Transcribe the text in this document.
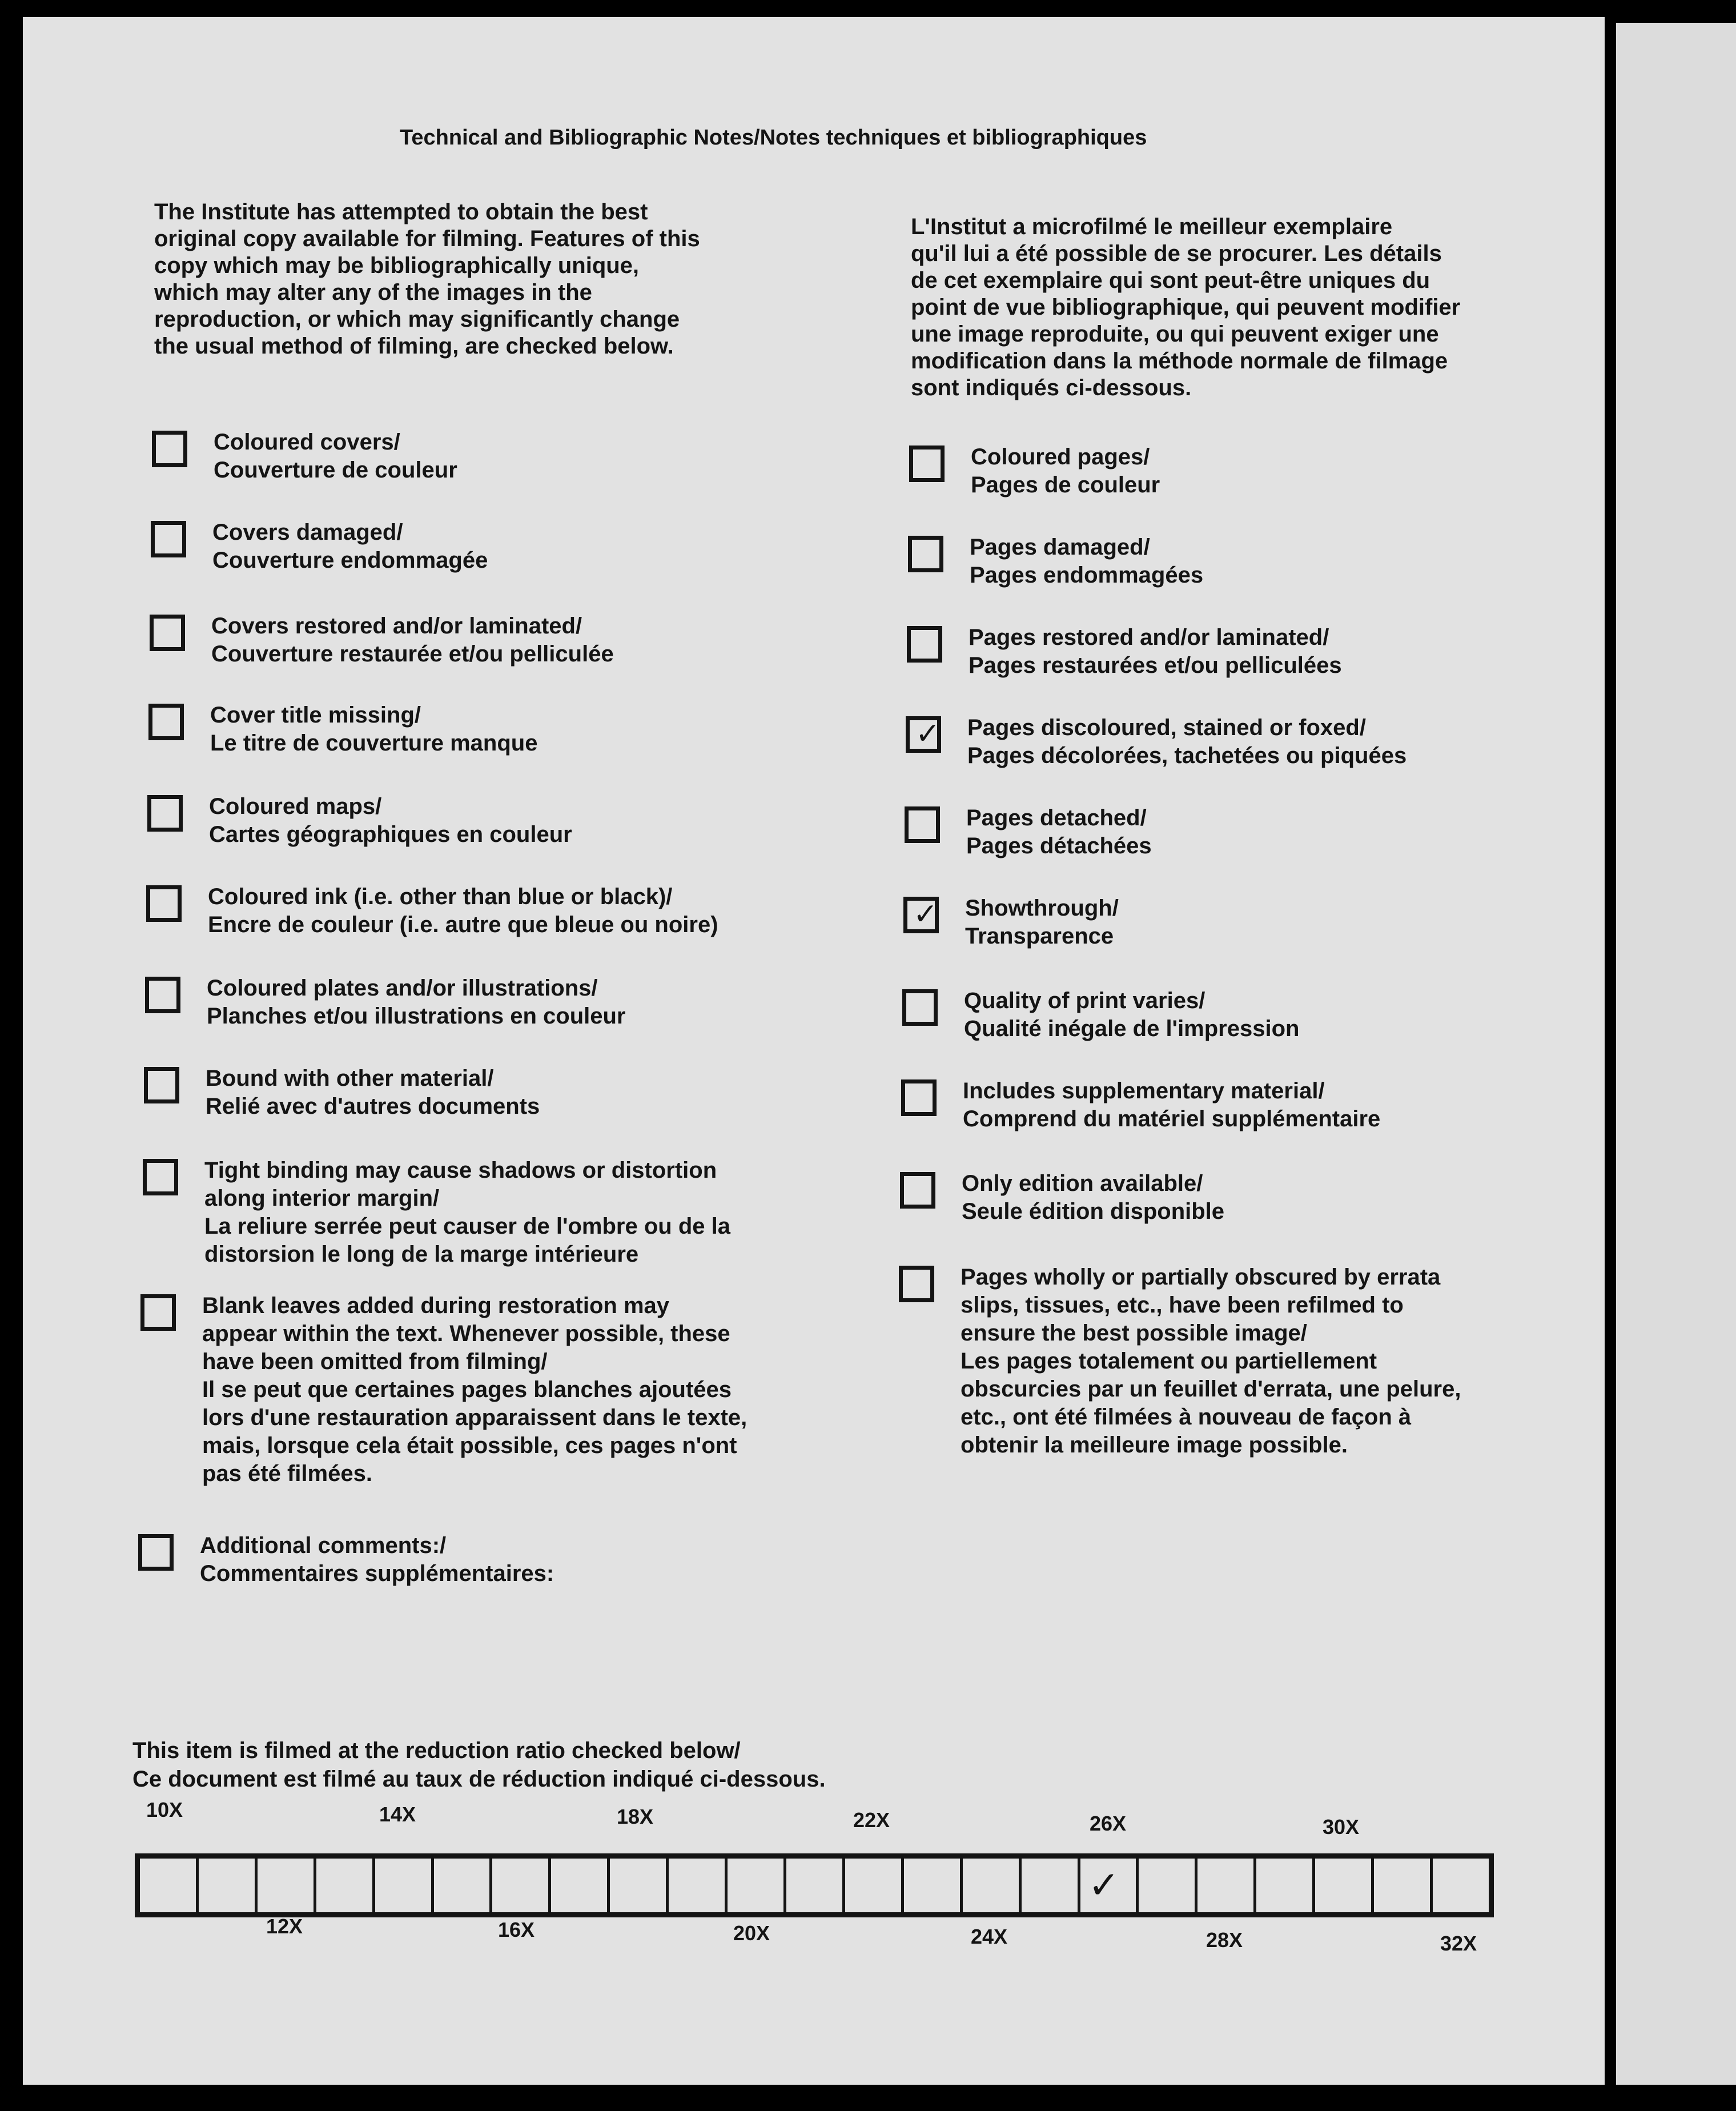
Technical and Bibliographic Notes/Notes techniques et bibliographiques
The Institute has attempted to obtain the best
original copy available for filming. Features of this
copy which may be bibliographically unique,
which may alter any of the images in the
reproduction, or which may significantly change
the usual method of filming, are checked below.
L'Institut a microfilmé le meilleur exemplaire
qu'il lui a été possible de se procurer. Les détails
de cet exemplaire qui sont peut-être uniques du
point de vue bibliographique, qui peuvent modifier
une image reproduite, ou qui peuvent exiger une
modification dans la méthode normale de filmage
sont indiqués ci-dessous.
Coloured covers/
Couverture de couleur
Covers damaged/
Couverture endommagée
Covers restored and/or laminated/
Couverture restaurée et/ou pelliculée
Cover title missing/
Le titre de couverture manque
Coloured maps/
Cartes géographiques en couleur
Coloured ink (i.e. other than blue or black)/
Encre de couleur (i.e. autre que bleue ou noire)
Coloured plates and/or illustrations/
Planches et/ou illustrations en couleur
Bound with other material/
Relié avec d'autres documents
Tight binding may cause shadows or distortion
along interior margin/
La reliure serrée peut causer de l'ombre ou de la
distorsion le long de la marge intérieure
Blank leaves added during restoration may
appear within the text. Whenever possible, these
have been omitted from filming/
Il se peut que certaines pages blanches ajoutées
lors d'une restauration apparaissent dans le texte,
mais, lorsque cela était possible, ces pages n'ont
pas été filmées.
Additional comments:/
Commentaires supplémentaires:
Coloured pages/
Pages de couleur
Pages damaged/
Pages endommagées
Pages restored and/or laminated/
Pages restaurées et/ou pelliculées
✓ Pages discoloured, stained or foxed/
Pages décolorées, tachetées ou piquées
Pages detached/
Pages détachées
✓ Showthrough/
Transparence
Quality of print varies/
Qualité inégale de l'impression
Includes supplementary material/
Comprend du matériel supplémentaire
Only edition available/
Seule édition disponible
Pages wholly or partially obscured by errata
slips, tissues, etc., have been refilmed to
ensure the best possible image/
Les pages totalement ou partiellement
obscurcies par un feuillet d'errata, une pelure,
etc., ont été filmées à nouveau de façon à
obtenir la meilleure image possible.
This item is filmed at the reduction ratio checked below/
Ce document est filmé au taux de réduction indiqué ci-dessous.
10X	14X	18X	22X	26X	30X
✓
12X	16X	20X	24X	28X	32X
